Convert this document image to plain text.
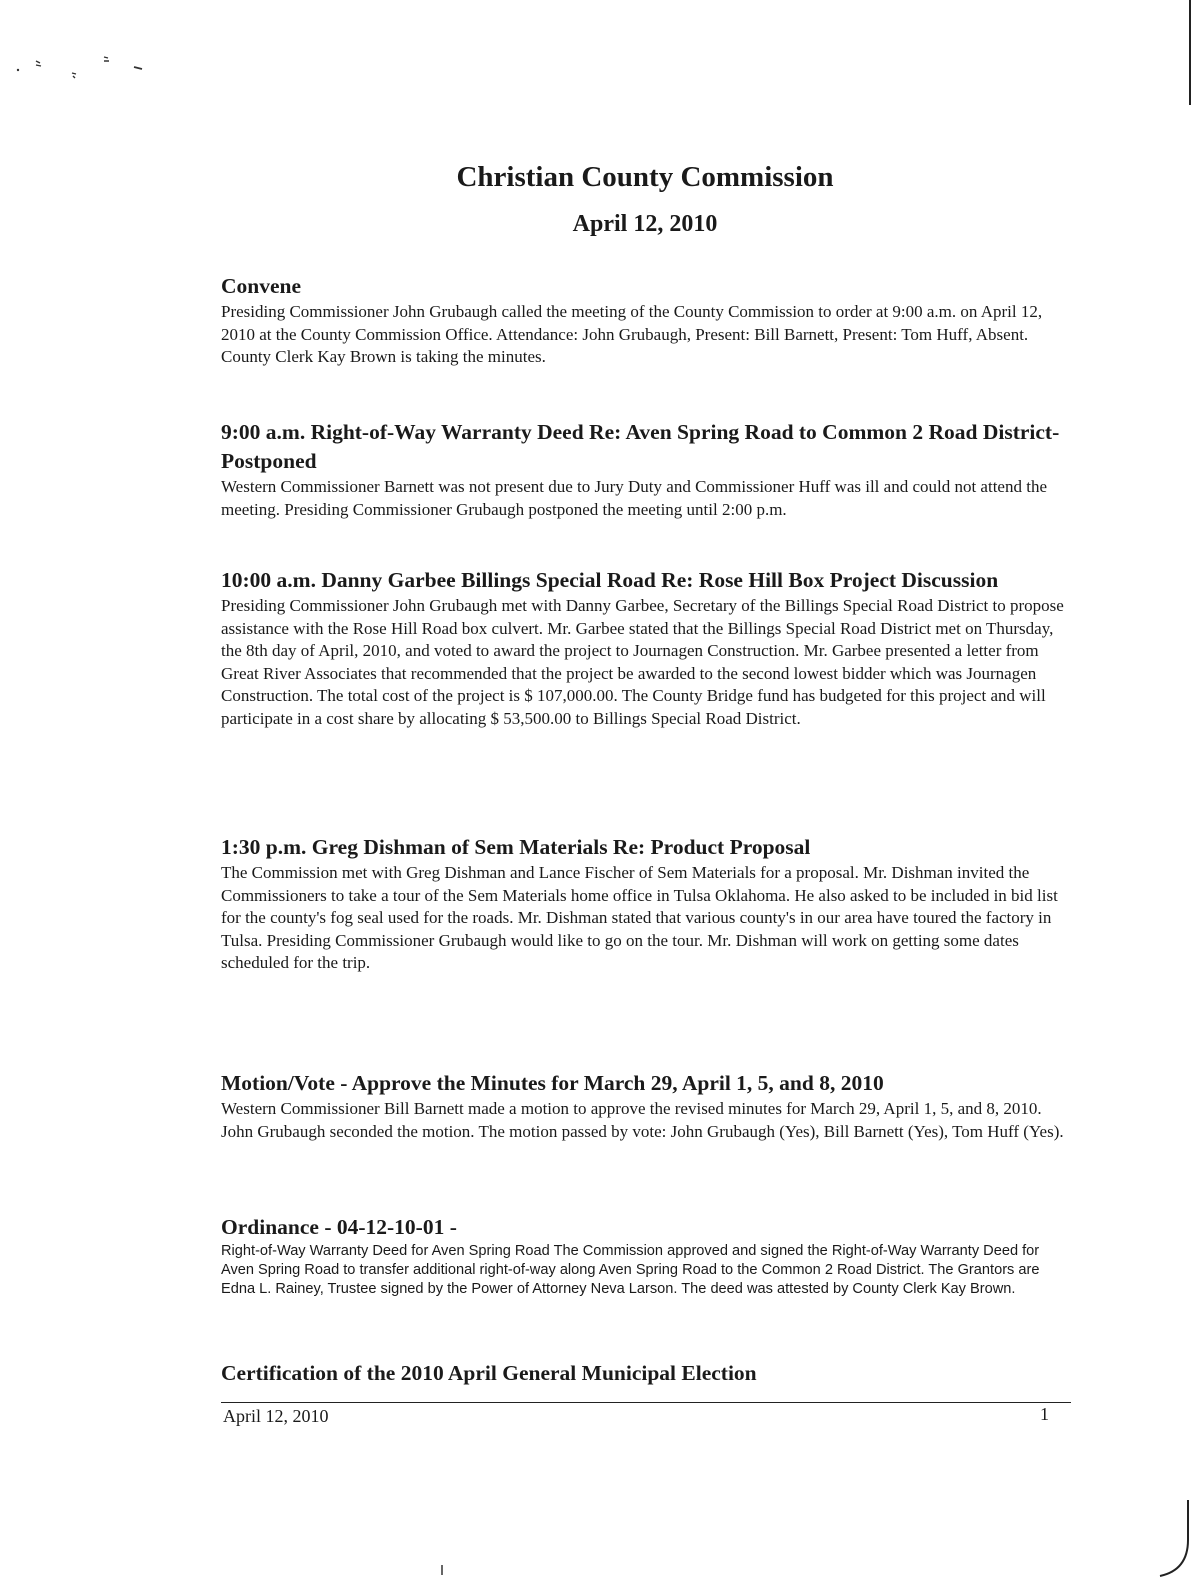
Christian County Commission
April 12, 2010
Convene

Presiding Commissioner John Grubaugh called the meeting of the County Commission to order at 9:00 a.m. on April 12, 2010 at the County Commission Office. Attendance: John Grubaugh, Present: Bill Barnett, Present: Tom Huff, Absent. County Clerk Kay Brown is taking the minutes.

9:00 a.m. Right-of-Way Warranty Deed Re: Aven Spring Road to Common 2 Road District- Postponed

Western Commissioner Barnett was not present due to Jury Duty and Commissioner Huff was ill and could not attend the meeting. Presiding Commissioner Grubaugh postponed the meeting until 2:00 p.m.

10:00 a.m. Danny Garbee Billings Special Road Re: Rose Hill Box Project Discussion

Presiding Commissioner John Grubaugh met with Danny Garbee, Secretary of the Billings Special Road District to propose assistance with the Rose Hill Road box culvert. Mr. Garbee stated that the Billings Special Road District met on Thursday, the 8th day of April, 2010, and voted to award the project to Journagen Construction. Mr. Garbee presented a letter from Great River Associates that recommended that the project be awarded to the second lowest bidder which was Journagen Construction. The total cost of the project is $ 107,000.00. The County Bridge fund has budgeted for this project and will participate in a cost share by allocating $ 53,500.00 to Billings Special Road District.

1:30 p.m. Greg Dishman of Sem Materials Re: Product Proposal

The Commission met with Greg Dishman and Lance Fischer of Sem Materials for a proposal. Mr. Dishman invited the Commissioners to take a tour of the Sem Materials home office in Tulsa Oklahoma. He also asked to be included in bid list for the county's fog seal used for the roads. Mr. Dishman stated that various county's in our area have toured the factory in Tulsa. Presiding Commissioner Grubaugh would like to go on the tour. Mr. Dishman will work on getting some dates scheduled for the trip.

Motion/Vote - Approve the Minutes for March 29, April 1, 5, and 8, 2010

Western Commissioner Bill Barnett made a motion to approve the revised minutes for March 29, April 1, 5, and 8, 2010. John Grubaugh seconded the motion. The motion passed by vote: John Grubaugh (Yes), Bill Barnett (Yes), Tom Huff (Yes).

Ordinance - 04-12-10-01 -

Right-of-Way Warranty Deed for Aven Spring Road The Commission approved and signed the Right-of-Way Warranty Deed for Aven Spring Road to transfer additional right-of-way along Aven Spring Road to the Common 2 Road District. The Grantors are Edna L. Rainey, Trustee signed by the Power of Attorney Neva Larson. The deed was attested by County Clerk Kay Brown.

Certification of the 2010 April General Municipal Election
April 12, 2010	1
